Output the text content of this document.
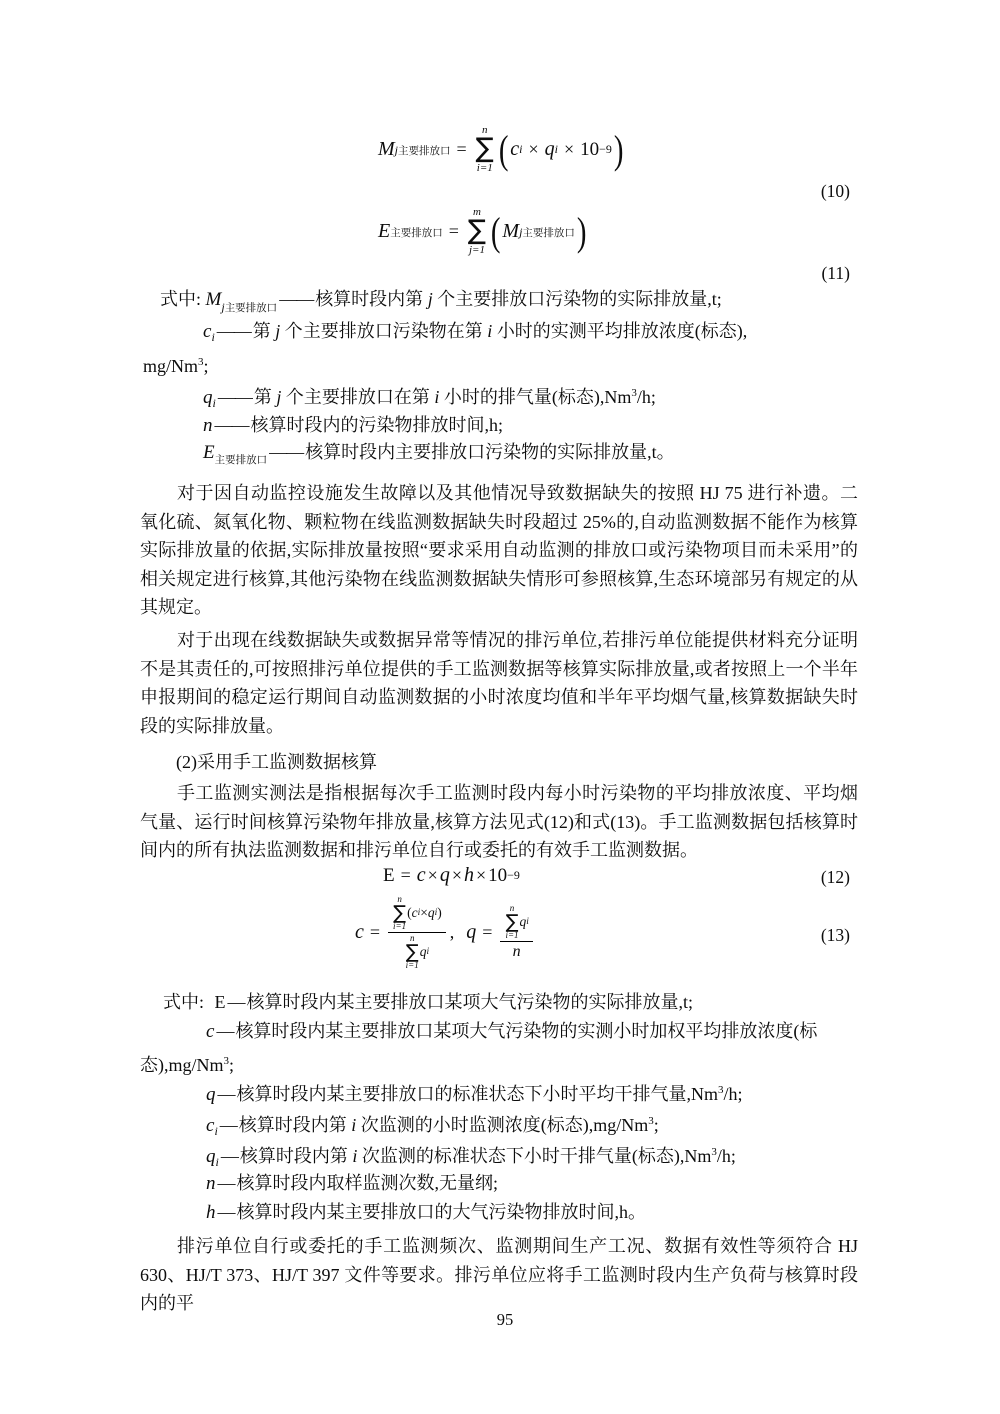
M j主要排放口 =
n
∑
i=1 ( c i × q i × 10 −9 )
(10)
E 主要排放口 =
m
∑
j=1 ( M j主要排放口 )
(11)
式中: $M_{j主要排放口}$ —— 核算时段内第 j 个主要排放口污染物的实际排放量,t;
$c_i$ —— 第 j 个主要排放口污染物在第 i 小时的实测平均排放浓度(标态),
mg/Nm$^3$;
$q_i$ —— 第 j 个主要排放口在第 i 小时的排气量(标态),Nm$^3$/h;
n —— 核算时段内的污染物排放时间,h;
$E_{主要排放口}$ —— 核算时段内主要排放口污染物的实际排放量,t。
对于因自动监控设施发生故障以及其他情况导致数据缺失的按照 HJ 75 进行补遗。二氧化硫、氮氧化物、颗粒物在线监测数据缺失时段超过 25%的,自动监测数据不能作为核算实际排放量的依据,实际排放量按照“要求采用自动监测的排放口或污染物项目而未采用”的相关规定进行核算,其他污染物在线监测数据缺失情形可参照核算,生态环境部另有规定的从其规定。
对于出现在线数据缺失或数据异常等情况的排污单位,若排污单位能提供材料充分证明不是其责任的,可按照排污单位提供的手工监测数据等核算实际排放量,或者按照上一个半年申报期间的稳定运行期间自动监测数据的小时浓度均值和半年平均烟气量,核算数据缺失时段的实际排放量。
(2)采用手工监测数据核算
手工监测实测法是指根据每次手工监测时段内每小时污染物的平均排放浓度、平均烟气量、运行时间核算污染物年排放量,核算方法见式(12)和式(13)。手工监测数据包括核算时间内的所有执法监测数据和排污单位自行或委托的有效手工监测数据。
E = c × q × h × 10 −9	(12)
c = n
∑
i=1
( c i × q i )
n
∑
i=1
q i , q = n
∑
i=1
q i
n	(13)
式中: E — 核算时段内某主要排放口某项大气污染物的实际排放量,t;
c — 核算时段内某主要排放口某项大气污染物的实测小时加权平均排放浓度(标
态),mg/Nm$^3$;
q — 核算时段内某主要排放口的标准状态下小时平均干排气量,Nm$^3$/h;
$c_i$ — 核算时段内第 i 次监测的小时监测浓度(标态),mg/Nm$^3$;
$q_i$ — 核算时段内第 i 次监测的标准状态下小时干排气量(标态),Nm$^3$/h;
n — 核算时段内取样监测次数,无量纲;
h — 核算时段内某主要排放口的大气污染物排放时间,h。
排污单位自行或委托的手工监测频次、监测期间生产工况、数据有效性等须符合 HJ 630、HJ/T 373、HJ/T 397 文件等要求。排污单位应将手工监测时段内生产负荷与核算时段内的平
95
